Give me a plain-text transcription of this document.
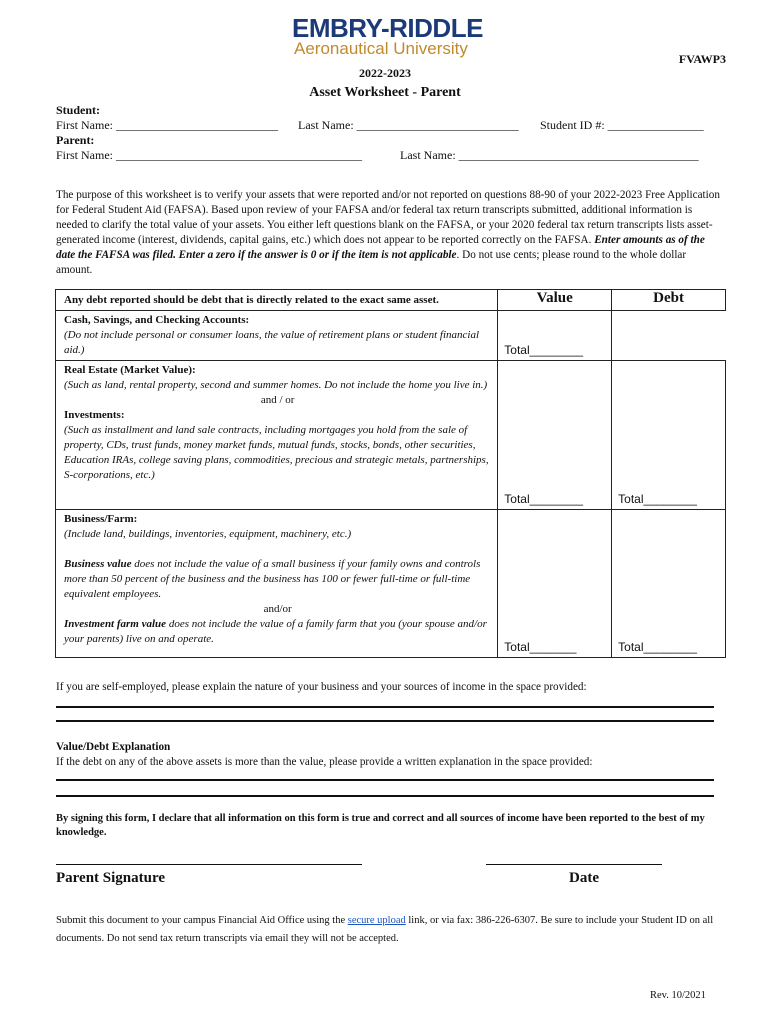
EMBRY-RIDDLE
Aeronautical University
FVAWP3
2022-2023
Asset Worksheet - Parent
Student:
First Name: ___________________________ Last Name: ___________________________ Student ID #: ________________
Parent:
First Name: _________________________________________	Last Name: ________________________________________
The purpose of this worksheet is to verify your assets that were reported and/or not reported on questions 88-90 of your 2022-2023 Free Application for Federal Student Aid (FAFSA). Based upon review of your FAFSA and/or federal tax return transcripts submitted, additional information is needed to clarify the total value of your assets. You either left questions blank on the FAFSA, or your 2020 federal tax return transcripts lists asset-generated income (interest, dividends, capital gains, etc.) which does not appear to be reported correctly on the FAFSA. Enter amounts as of the date the FAFSA was filed. Enter a zero if the answer is 0 or if the item is not applicable. Do not use cents; please round to the whole dollar amount.
Any debt reported should be debt that is directly related to the exact same asset.	Value	Debt

Cash, Savings, and Checking Accounts:
(Do not include personal or consumer loans, the value of retirement plans or student financial aid.)	Total________	

Real Estate (Market Value):
(Such as land, rental property, second and summer homes. Do not include the home you live in.)
and / or
Investments:
(Such as installment and land sale contracts, including mortgages you hold from the sale of property, CDs, trust funds, money market funds, mutual funds, stocks, bonds, other securities, Education IRAs, college saving plans, commodities, precious and strategic metals, partnerships, S-corporations, etc.)	Total________	Total________

Business/Farm:
(Include land, buildings, inventories, equipment, machinery, etc.)
Business value does not include the value of a small business if your family owns and controls more than 50 percent of the business and the business has 100 or fewer full-time or full-time equivalent employees.
and/or
Investment farm value does not include the value of a family farm that you (your spouse and/or your parents) live on and operate.	Total_______	Total________
If you are self-employed, please explain the nature of your business and your sources of income in the space provided:
Value/Debt Explanation
If the debt on any of the above assets is more than the value, please provide a written explanation in the space provided:
By signing this form, I declare that all information on this form is true and correct and all sources of income have been reported to the best of my knowledge.
Parent Signature	Date
Submit this document to your campus Financial Aid Office using the secure upload link, or via fax: 386-226-6307. Be sure to include your Student ID on all documents. Do not send tax return transcripts via email they will not be accepted.
Rev. 10/2021
